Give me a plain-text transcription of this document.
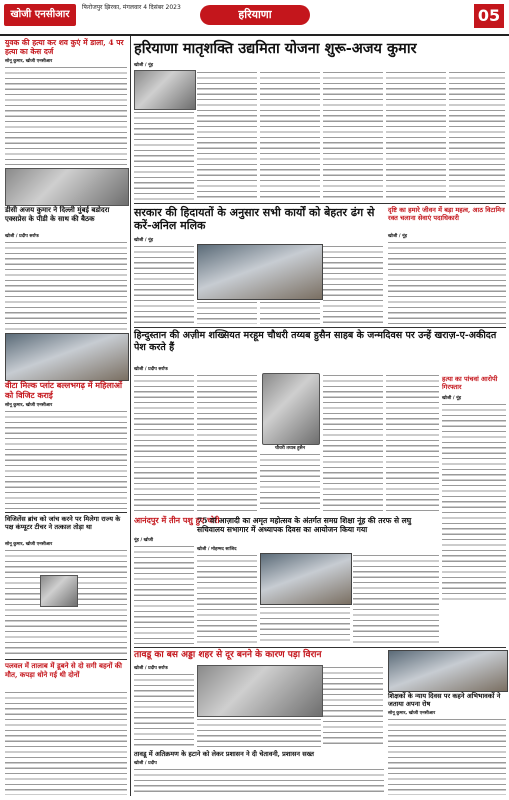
खोजी एनसीआर
फिरोजपुर झिरका, मंगलवार 4 दिसंबर 2023
हरियाणा	05
युवक की हत्या कर शव कुएं में डाला, 4 पर हत्या का केस दर्ज
सोनू कुमार, खोजी एनसीआर
डीसी अजय कुमार ने दिल्ली मुंबई बडोदरा एक्सप्रेस के पीडी के साथ की बैठक
खोजी / प्रदीप सर्राफ
वीटा मिल्क प्लांट बल्लभगढ़ में महिलाओं को विजिट कराई
सोनू कुमार, खोजी एनसीआर
विजिलेंस ब्रांच को जांच करने पर मिलेगा राज्य के पक्ष कंप्यूटर टीचर ने तत्काल तोड़ा था
सोनू कुमार, खोजी एनसीआर
पलवल में तालाब में डूबने से दो सगी बहनों की मौत, कपड़ा धोने गई थी दोनों
हरियाणा मातृशक्ति उद्यमिता योजना शुरू-अजय कुमार
खोजी / नूंह
सरकार की हिदायतों के अनुसार सभी कार्यों को बेहतर ढंग से करें-अनिल मलिक
खोजी / नूंह
दृष्टि का हमारे जीवन में बड़ा महत्व, आठ विटामिन रक्त चलाना सेवाएं पदाधिकारी
खोजी / नूंह
हिन्दुस्तान की अज़ीम शख्सियत मरहूम चौधरी तय्यब हुसैन साहब के जन्मदिवस पर उन्हें खराज़-ए-अकीदत पेश करते हैं
खोजी / प्रदीप सर्राफ
चौधरी तय्यब हुसैन
हत्या का पांचवां आरोपी गिरफ्तार
खोजी / नूंह
आनंदपुर में तीन पशु हुए चोरी
नूंह / खोजी
75 वां आज़ादी का अमृत महोत्सव के अंतर्गत समग्र शिक्षा नूंह की तरफ से लघु सचिवालय सभागार में अध्यापक दिवस का आयोजन किया गया
खोजी / मोहम्मद साजिद
तावडू का बस अड्डा शहर से दूर बनने के कारण पड़ा विरान
खोजी / प्रदीप सर्राफ
शिक्षकों के न्याय दिवस पर कहने अभिभावकों ने जताया अपना रोष
सोनू कुमार, खोजी एनसीआर
तावडू में अतिक्रमण के हटाने को लेकर प्रशासन ने दी चेतावनी, प्रशासन सख्त
खोजी / प्रदीप
